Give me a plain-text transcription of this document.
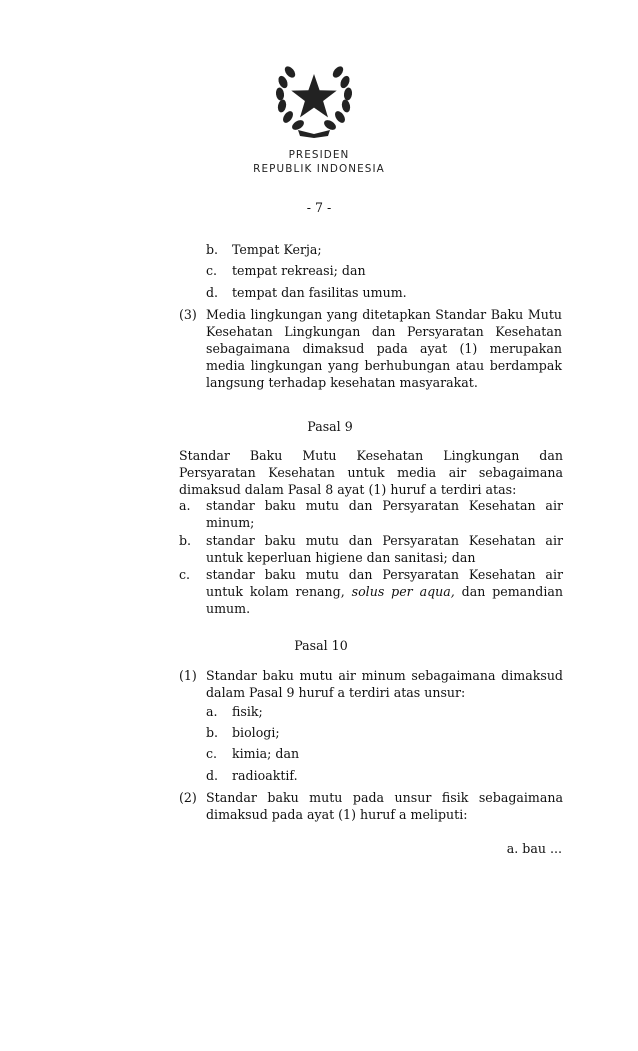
PRESIDEN
REPUBLIK INDONESIA
- 7 -
b. Tempat Kerja;
c. tempat rekreasi; dan
d. tempat dan fasilitas umum.
(3) Media lingkungan yang ditetapkan Standar Baku Mutu Kesehatan Lingkungan dan Persyaratan Kesehatan sebagaimana dimaksud pada ayat (1) merupakan media lingkungan yang berhubungan atau berdampak langsung terhadap kesehatan masyarakat.
Pasal 9
Standar Baku Mutu Kesehatan Lingkungan dan Persyaratan Kesehatan untuk media air sebagaimana dimaksud dalam Pasal 8 ayat (1) huruf a terdiri atas:
a. standar baku mutu dan Persyaratan Kesehatan air minum;
b. standar baku mutu dan Persyaratan Kesehatan air untuk keperluan higiene dan sanitasi; dan
c. standar baku mutu dan Persyaratan Kesehatan air untuk kolam renang, solus per aqua, dan pemandian umum.
Pasal 10
(1) Standar baku mutu air minum sebagaimana dimaksud dalam Pasal 9 huruf a terdiri atas unsur:
a. fisik;
b. biologi;
c. kimia; dan
d. radioaktif.
(2) Standar baku mutu pada unsur fisik sebagaimana dimaksud pada ayat (1) huruf a meliputi:
a. bau ...
